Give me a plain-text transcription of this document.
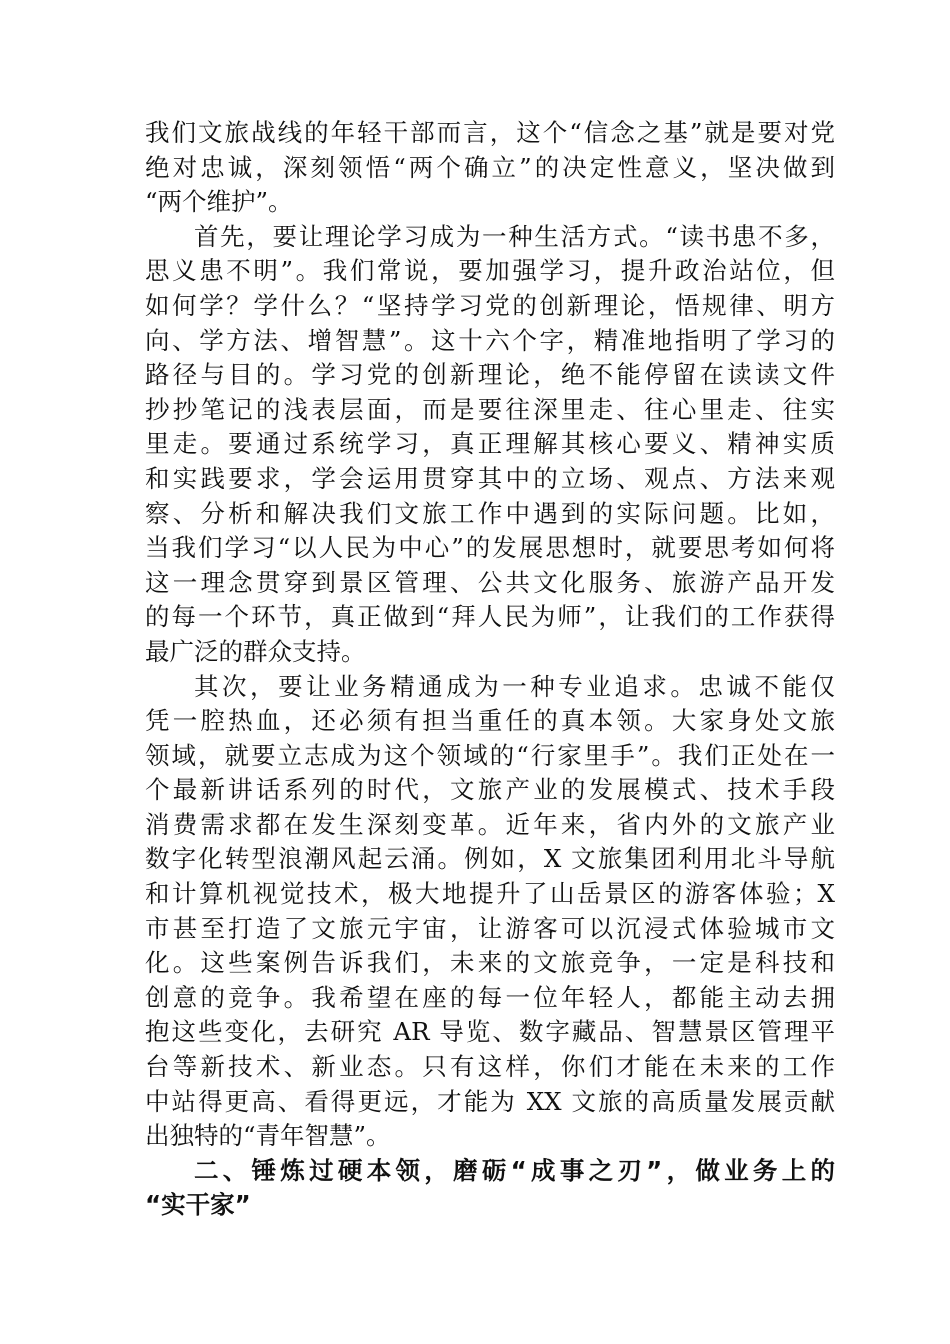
我们文旅战线的年轻干部而言，这个“信念之基”就是要对党
绝对忠诚，深刻领悟“两个确立”的决定性意义，坚决做到
“两个维护”。
首先，要让理论学习成为一种生活方式。“读书患不多，
思义患不明”。我们常说，要加强学习，提升政治站位，但
如何学？学什么？“坚持学习党的创新理论，悟规律、明方
向、学方法、增智慧”。这十六个字，精准地指明了学习的
路径与目的。学习党的创新理论，绝不能停留在读读文件
抄抄笔记的浅表层面，而是要往深里走、往心里走、往实
里走。要通过系统学习，真正理解其核心要义、精神实质
和实践要求，学会运用贯穿其中的立场、观点、方法来观
察、分析和解决我们文旅工作中遇到的实际问题。比如，
当我们学习“以人民为中心”的发展思想时，就要思考如何将
这一理念贯穿到景区管理、公共文化服务、旅游产品开发
的每一个环节，真正做到“拜人民为师”，让我们的工作获得
最广泛的群众支持。
其次，要让业务精通成为一种专业追求。忠诚不能仅
凭一腔热血，还必须有担当重任的真本领。大家身处文旅
领域，就要立志成为这个领域的“行家里手”。我们正处在一
个最新讲话系列的时代，文旅产业的发展模式、技术手段
消费需求都在发生深刻变革。近年来，省内外的文旅产业
数字化转型浪潮风起云涌。例如，X 文旅集团利用北斗导航
和计算机视觉技术，极大地提升了山岳景区的游客体验；X
市甚至打造了文旅元宇宙，让游客可以沉浸式体验城市文
化。这些案例告诉我们，未来的文旅竞争，一定是科技和
创意的竞争。我希望在座的每一位年轻人，都能主动去拥
抱这些变化，去研究 AR 导览、数字藏品、智慧景区管理平
台等新技术、新业态。只有这样，你们才能在未来的工作
中站得更高、看得更远，才能为 XX 文旅的高质量发展贡献
出独特的“青年智慧”。
二、锤炼过硬本领，磨砺“成事之刃”，做业务上的
“实干家”
